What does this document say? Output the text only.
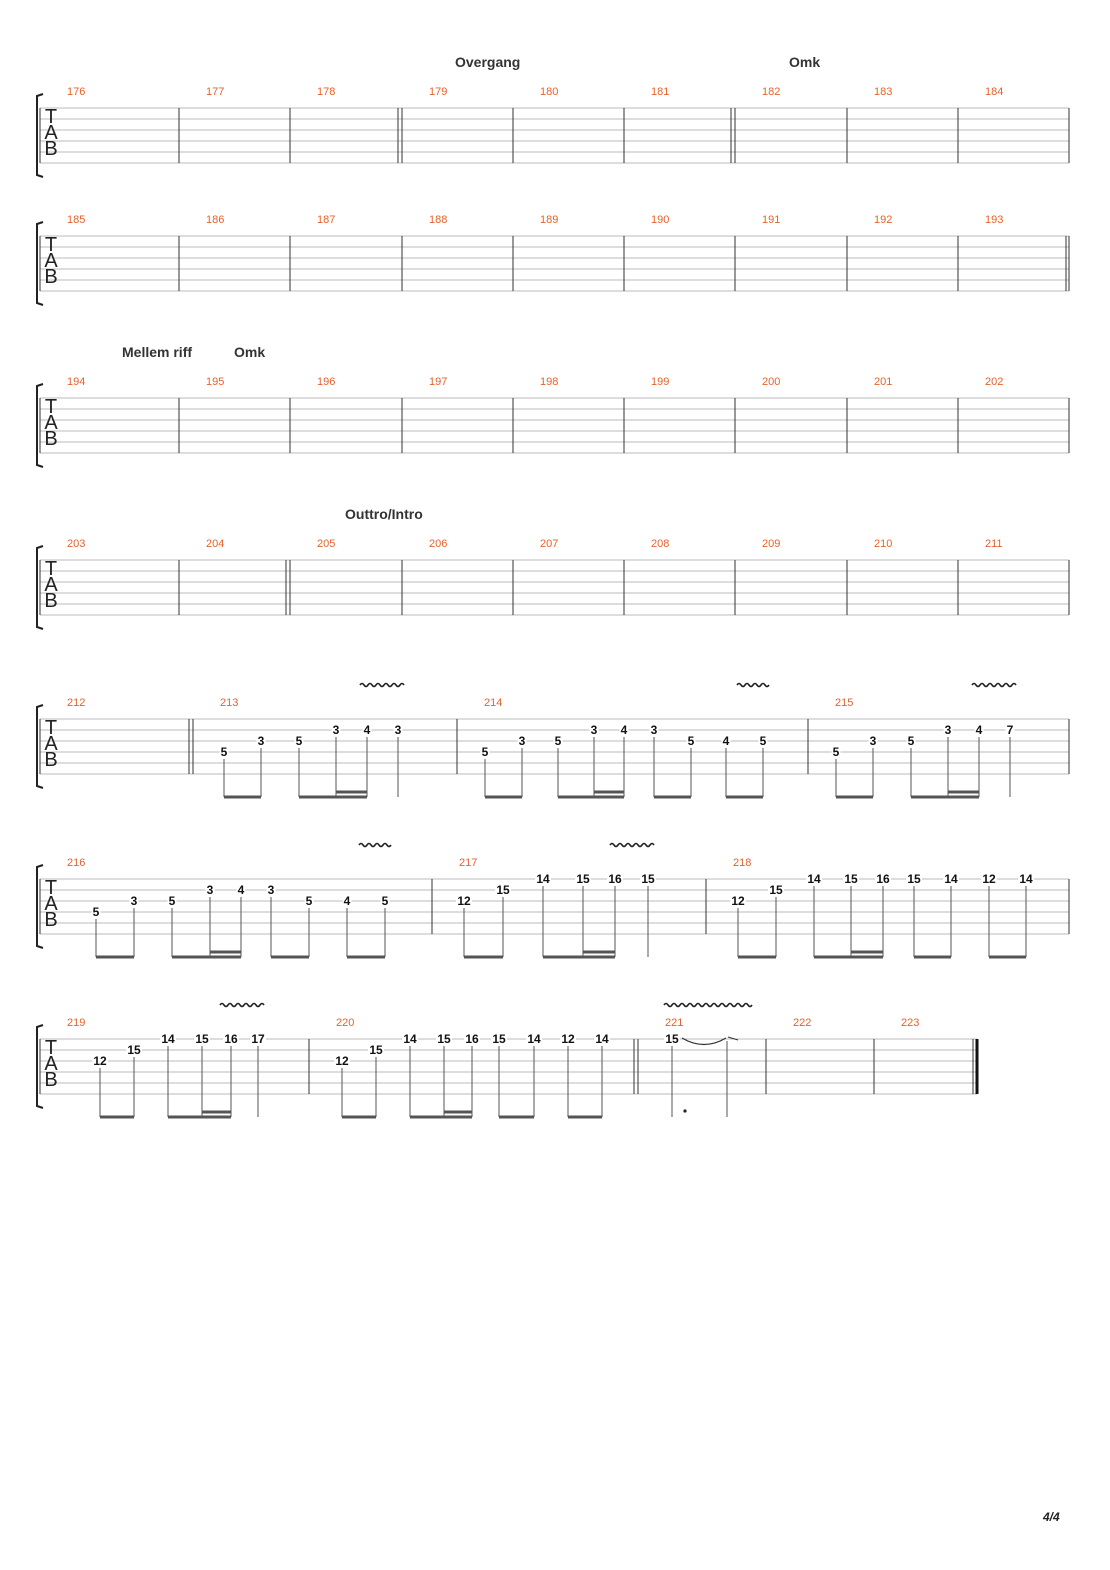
T
A
B
Overgang	Omk
176	177	178	179	180	181	182	183	184
T
A
B
185	186	187	188	189	190	191	192	193
T
A
B
Mellem riff	Omk
194	195	196	197	198	199	200	201	202
T
A
B
Outtro/Intro
203	204	205	206	207	208	209	210	211
T
A
B
212	213
5
3	5
3 4 3
214
5
3 5
3 4 3
5 4	5
215
5
3	5
3 4 7
T
A
B
216
5
3	5
3 4 3
5	4	5
217
12
15
14 15 16 15
218
12
15
14 15 16 15 14 12 14
T
A
B
219
12
15
14 15 16 17
220
12
15
14 15 16 15 14 12 14
221
15
222	223
4/4
